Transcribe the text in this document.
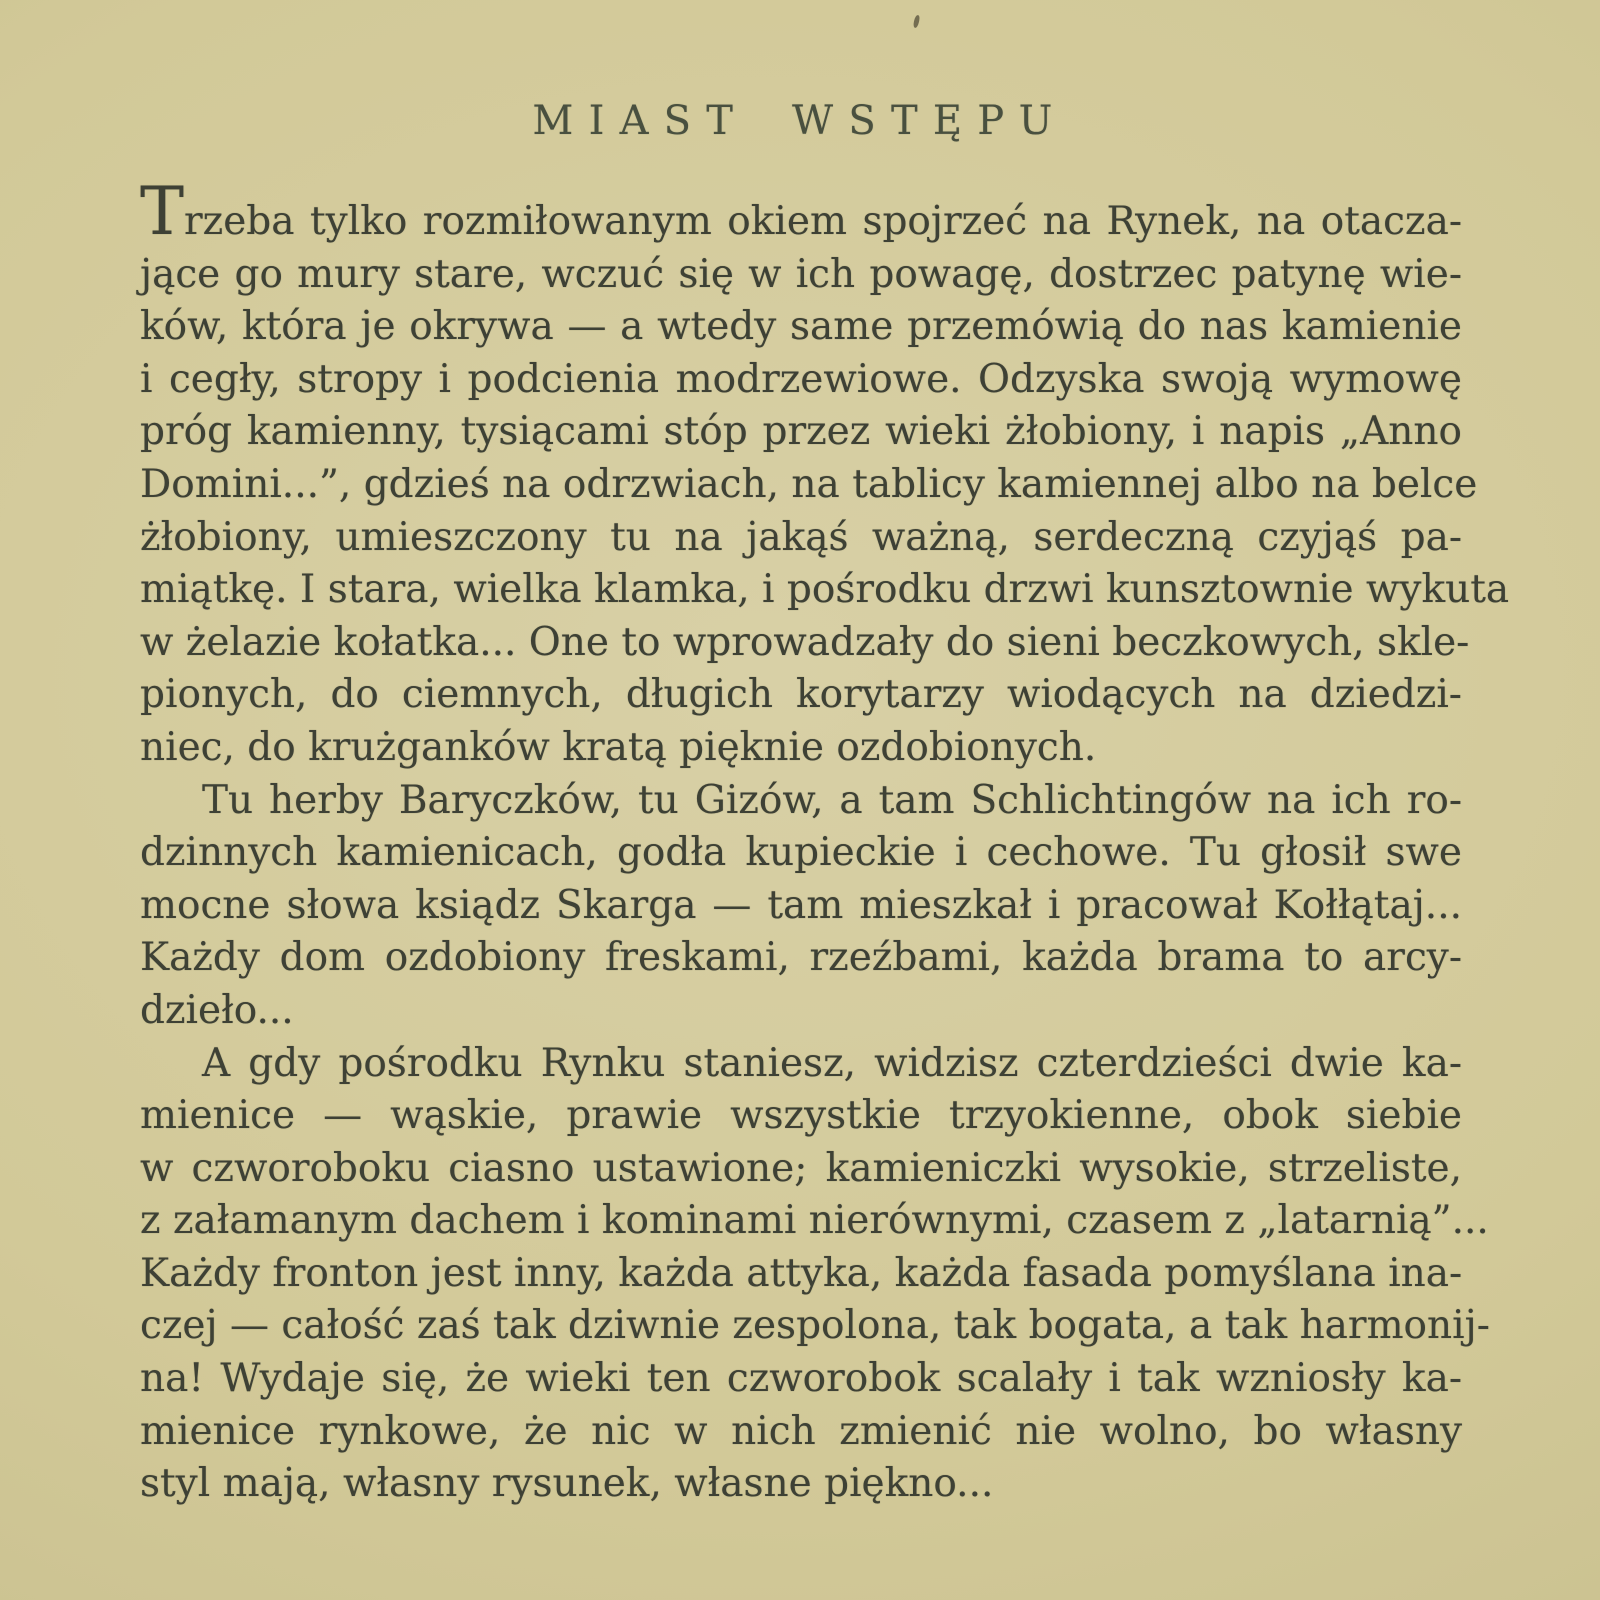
MIAST WSTĘPU
Trzeba tylko rozmiłowanym okiem spojrzeć na Rynek, na otacza-
jące go mury stare, wczuć się w ich powagę, dostrzec patynę wie-
ków, która je okrywa — a wtedy same przemówią do nas kamienie
i cegły, stropy i podcienia modrzewiowe. Odzyska swoją wymowę
próg kamienny, tysiącami stóp przez wieki żłobiony, i napis „Anno
Domini...”, gdzieś na odrzwiach, na tablicy kamiennej albo na belce
żłobiony, umieszczony tu na jakąś ważną, serdeczną czyjąś pa-
miątkę. I stara, wielka klamka, i pośrodku drzwi kunsztownie wykuta
w żelazie kołatka... One to wprowadzały do sieni beczkowych, skle-
pionych, do ciemnych, długich korytarzy wiodących na dziedzi-
niec, do krużganków kratą pięknie ozdobionych.
Tu herby Baryczków, tu Gizów, a tam Schlichtingów na ich ro-
dzinnych kamienicach, godła kupieckie i cechowe. Tu głosił swe
mocne słowa ksiądz Skarga — tam mieszkał i pracował Kołłątaj...
Każdy dom ozdobiony freskami, rzeźbami, każda brama to arcy-
dzieło...
A gdy pośrodku Rynku staniesz, widzisz czterdzieści dwie ka-
mienice — wąskie, prawie wszystkie trzyokienne, obok siebie
w czworoboku ciasno ustawione; kamieniczki wysokie, strzeliste,
z załamanym dachem i kominami nierównymi, czasem z „latarnią”...
Każdy fronton jest inny, każda attyka, każda fasada pomyślana ina-
czej — całość zaś tak dziwnie zespolona, tak bogata, a tak harmonij-
na! Wydaje się, że wieki ten czworobok scalały i tak wzniosły ka-
mienice rynkowe, że nic w nich zmienić nie wolno, bo własny
styl mają, własny rysunek, własne piękno...
